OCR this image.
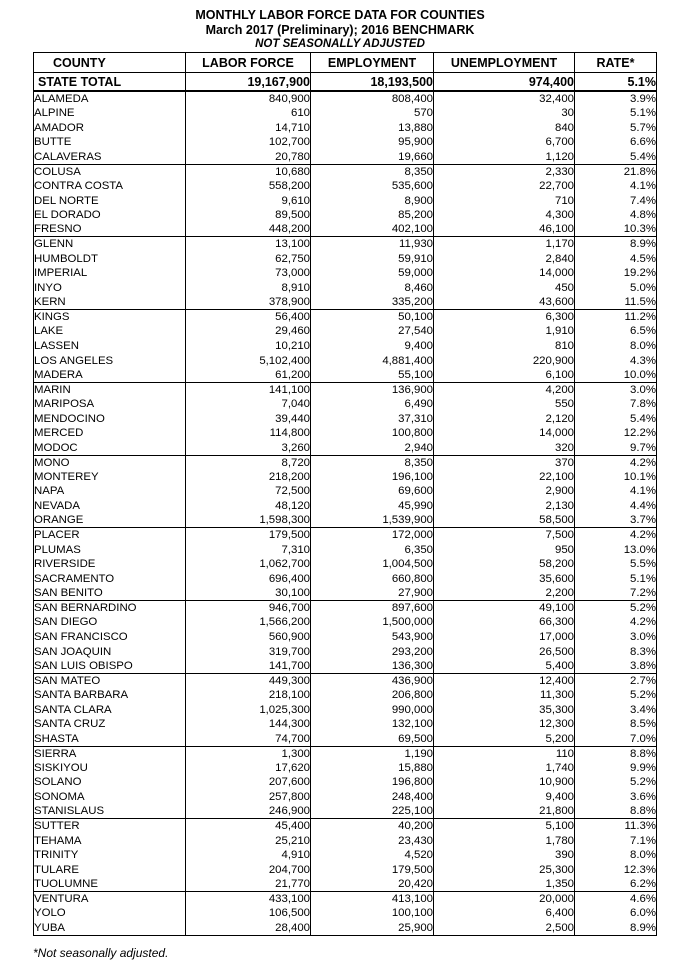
MONTHLY LABOR FORCE DATA FOR COUNTIES
March 2017 (Preliminary); 2016 BENCHMARK
NOT SEASONALLY ADJUSTED
COUNTY	LABOR FORCE	EMPLOYMENT	UNEMPLOYMENT	RATE*
STATE TOTAL	19,167,900	18,193,500	974,400	5.1%
ALAMEDA	840,900	808,400	32,400	3.9%
ALPINE	610	570	30	5.1%
AMADOR	14,710	13,880	840	5.7%
BUTTE	102,700	95,900	6,700	6.6%
CALAVERAS	20,780	19,660	1,120	5.4%
COLUSA	10,680	8,350	2,330	21.8%
CONTRA COSTA	558,200	535,600	22,700	4.1%
DEL NORTE	9,610	8,900	710	7.4%
EL DORADO	89,500	85,200	4,300	4.8%
FRESNO	448,200	402,100	46,100	10.3%
GLENN	13,100	11,930	1,170	8.9%
HUMBOLDT	62,750	59,910	2,840	4.5%
IMPERIAL	73,000	59,000	14,000	19.2%
INYO	8,910	8,460	450	5.0%
KERN	378,900	335,200	43,600	11.5%
KINGS	56,400	50,100	6,300	11.2%
LAKE	29,460	27,540	1,910	6.5%
LASSEN	10,210	9,400	810	8.0%
LOS ANGELES	5,102,400	4,881,400	220,900	4.3%
MADERA	61,200	55,100	6,100	10.0%
MARIN	141,100	136,900	4,200	3.0%
MARIPOSA	7,040	6,490	550	7.8%
MENDOCINO	39,440	37,310	2,120	5.4%
MERCED	114,800	100,800	14,000	12.2%
MODOC	3,260	2,940	320	9.7%
MONO	8,720	8,350	370	4.2%
MONTEREY	218,200	196,100	22,100	10.1%
NAPA	72,500	69,600	2,900	4.1%
NEVADA	48,120	45,990	2,130	4.4%
ORANGE	1,598,300	1,539,900	58,500	3.7%
PLACER	179,500	172,000	7,500	4.2%
PLUMAS	7,310	6,350	950	13.0%
RIVERSIDE	1,062,700	1,004,500	58,200	5.5%
SACRAMENTO	696,400	660,800	35,600	5.1%
SAN BENITO	30,100	27,900	2,200	7.2%
SAN BERNARDINO	946,700	897,600	49,100	5.2%
SAN DIEGO	1,566,200	1,500,000	66,300	4.2%
SAN FRANCISCO	560,900	543,900	17,000	3.0%
SAN JOAQUIN	319,700	293,200	26,500	8.3%
SAN LUIS OBISPO	141,700	136,300	5,400	3.8%
SAN MATEO	449,300	436,900	12,400	2.7%
SANTA BARBARA	218,100	206,800	11,300	5.2%
SANTA CLARA	1,025,300	990,000	35,300	3.4%
SANTA CRUZ	144,300	132,100	12,300	8.5%
SHASTA	74,700	69,500	5,200	7.0%
SIERRA	1,300	1,190	110	8.8%
SISKIYOU	17,620	15,880	1,740	9.9%
SOLANO	207,600	196,800	10,900	5.2%
SONOMA	257,800	248,400	9,400	3.6%
STANISLAUS	246,900	225,100	21,800	8.8%
SUTTER	45,400	40,200	5,100	11.3%
TEHAMA	25,210	23,430	1,780	7.1%
TRINITY	4,910	4,520	390	8.0%
TULARE	204,700	179,500	25,300	12.3%
TUOLUMNE	21,770	20,420	1,350	6.2%
VENTURA	433,100	413,100	20,000	4.6%
YOLO	106,500	100,100	6,400	6.0%
YUBA	28,400	25,900	2,500	8.9%
*Not seasonally adjusted.
